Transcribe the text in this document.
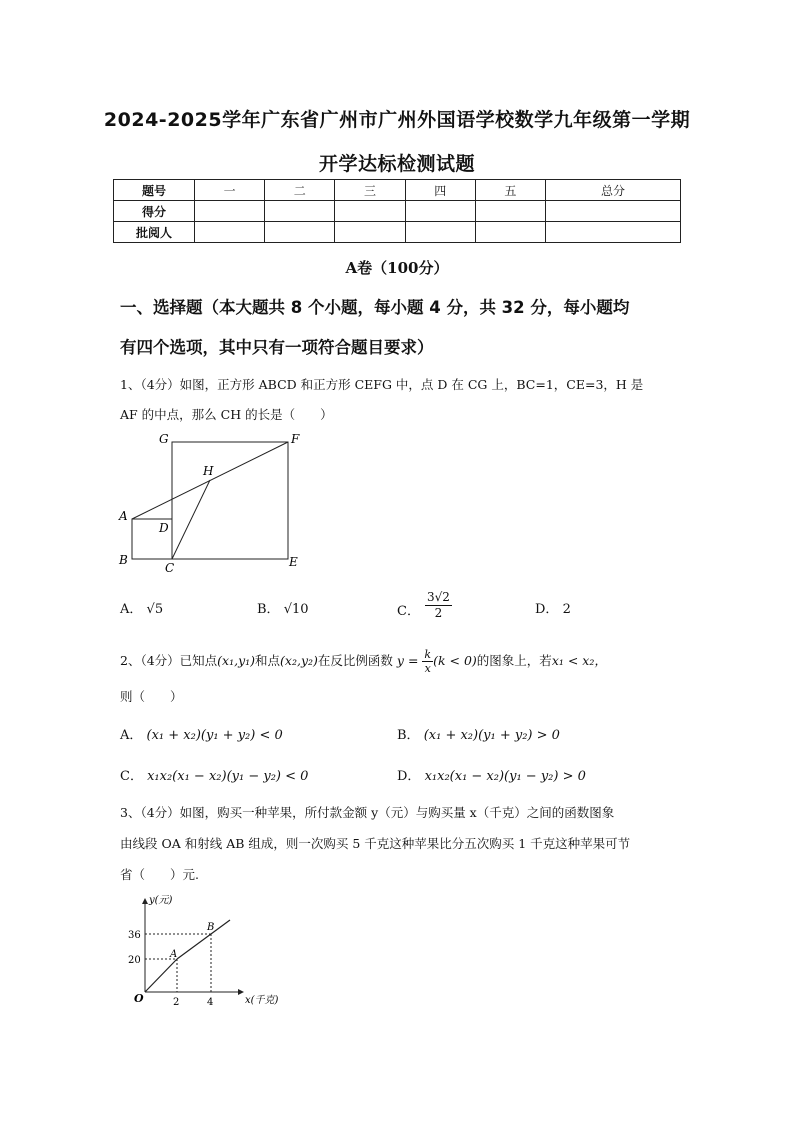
2024-2025学年广东省广州市广州外国语学校数学九年级第一学期
开学达标检测试题
题号	一	二	三	四	五	总分
得分						
批阅人						
A卷（100分）
一、选择题（本大题共 8 个小题，每小题 4 分，共 32 分，每小题均
有四个选项，其中只有一项符合题目要求）
1、（4分）如图，正方形 ABCD 和正方形 CEFG 中，点 D 在 CG 上，BC=1，CE=3，H 是
AF 的中点，那么 CH 的长是（　　）
G	F
H
A
D
B
C	E
A． √5	B． √10	C． $\frac{3√2}{2}$	D． 2
2、（4分）已知点(x₁,y₁)和点(x₂,y₂)在反比例函数 $y = \frac{k}{x} (k < 0)$的图象上，若x₁ < x₂，
则（　　）
A． (x₁ + x₂)(y₁ + y₂) < 0	B． (x₁ + x₂)(y₁ + y₂) > 0
C． x₁x₂(x₁ − x₂)(y₁ − y₂) < 0	D． x₁x₂(x₁ − x₂)(y₁ − y₂) > 0
3、（4分）如图，购买一种苹果，所付款金额 y（元）与购买量 x（千克）之间的函数图象
由线段 OA 和射线 AB 组成，则一次购买 5 千克这种苹果比分五次购买 1 千克这种苹果可节
省（　　）元.
y(元)
x(千克)
O
A
B
36
20
2	4
